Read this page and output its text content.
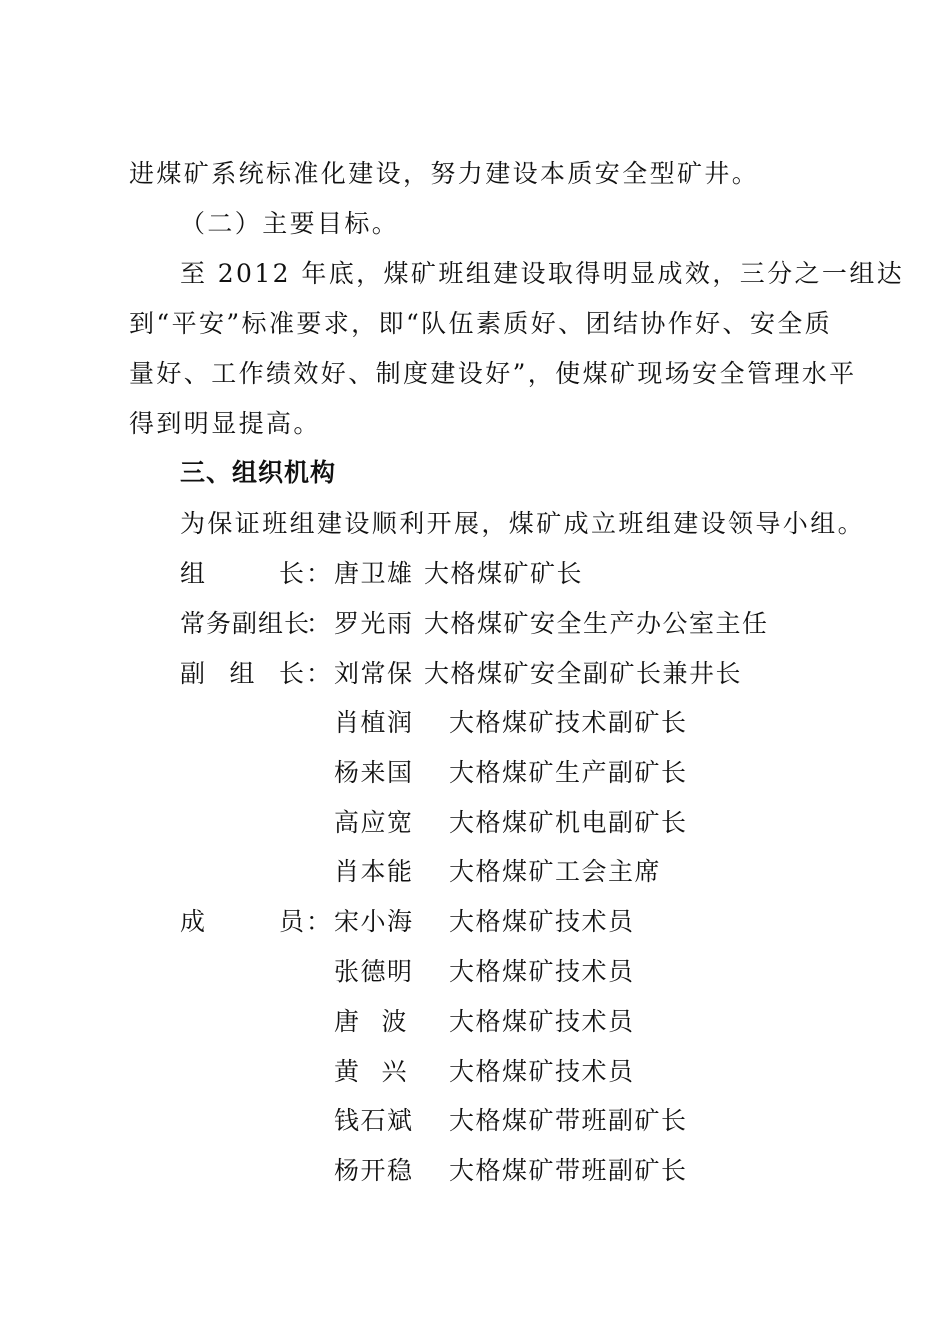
进煤矿系统标准化建设，努力建设本质安全型矿井。
（二）主要目标。
至 2012 年底，煤矿班组建设取得明显成效，三分之一组达
到“平安”标准要求，即“队伍素质好、团结协作好、安全质
量好、工作绩效好、制度建设好”，使煤矿现场安全管理水平
得到明显提高。
三、组织机构
为保证班组建设顺利开展，煤矿成立班组建设领导小组。
组	长
常务副组长
副 组 长
成	员
：
：
：
：
唐卫雄
罗光雨
刘常保
肖植润
杨来国
高应宽
肖本能
宋小海
张德明
唐 波
黄 兴
钱石斌
杨开稳
大格煤矿矿长
大格煤矿安全生产办公室主任
大格煤矿安全副矿长兼井长
大格煤矿技术副矿长
大格煤矿生产副矿长
大格煤矿机电副矿长
大格煤矿工会主席
大格煤矿技术员
大格煤矿技术员
大格煤矿技术员
大格煤矿技术员
大格煤矿带班副矿长
大格煤矿带班副矿长
